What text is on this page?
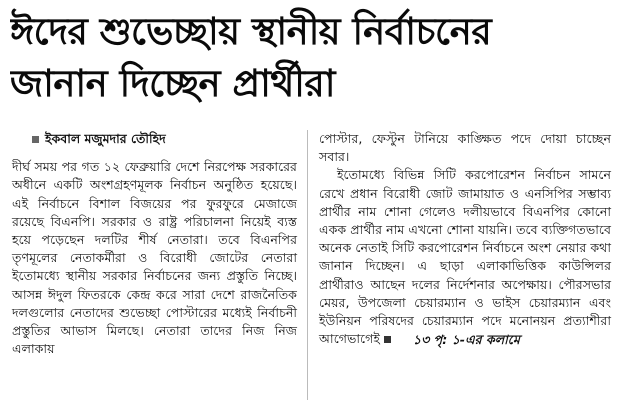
ঈদের শুভেচ্ছায় স্থানীয় নির্বাচনের
জানান দিচ্ছেন প্রার্থীরা
ইকবাল মজুমদার তৌহিদ

দীর্ঘ সময় পর গত ১২ ফেব্রুয়ারি দেশে নিরপেক্ষ সরকারের অধীনে একটি অংশগ্রহণমূলক নির্বাচন অনুষ্ঠিত হয়েছে। এই নির্বাচনে বিশাল বিজয়ের পর ফুরফুরে মেজাজে রয়েছে বিএনপি। সরকার ও রাষ্ট্র পরিচালনা নিয়েই ব্যস্ত হয়ে পড়েছেন দলটির শীর্ষ নেতারা। তবে বিএনপির তৃণমূলের নেতাকর্মীরা ও বিরোধী জোটের নেতারা ইতোমধ্যে স্থানীয় সরকার নির্বাচনের জন্য প্রস্তুতি নিচ্ছে। আসন্ন ঈদুল ফিতরকে কেন্দ্র করে সারা দেশে রাজনৈতিক দলগুলোর নেতাদের শুভেচ্ছা পোস্টারের মধ্যেই নির্বাচনী প্রস্তুতির আভাস মিলছে। নেতারা তাদের নিজ নিজ এলাকায়

পোস্টার, ফেস্টুন টানিয়ে কাঙ্ক্ষিত পদে দোয়া চাচ্ছেন সবার।

ইতোমধ্যে বিভিন্ন সিটি করপোরেশন নির্বাচন সামনে রেখে প্রধান বিরোধী জোট জামায়াত ও এনসিপির সম্ভাব্য প্রার্থীর নাম শোনা গেলেও দলীয়ভাবে বিএনপির কোনো একক প্রার্থীর নাম এখনো শোনা যায়নি। তবে ব্যক্তিগতভাবে অনেক নেতাই সিটি করপোরেশন নির্বাচনে অংশ নেয়ার কথা জানান দিচ্ছেন। এ ছাড়া এলাকাভিত্তিক কাউন্সিলর প্রার্থীরাও আছেন দলের নির্দেশনার অপেক্ষায়। পৌরসভার মেয়র, উপজেলা চেয়ারম্যান ও ভাইস চেয়ারম্যান এবং ইউনিয়ন পরিষদের চেয়ারম্যান পদে মনোনয়ন প্রত্যাশীরা আগেভাগেই	১৩ পৃ: ১-এর কলামে
